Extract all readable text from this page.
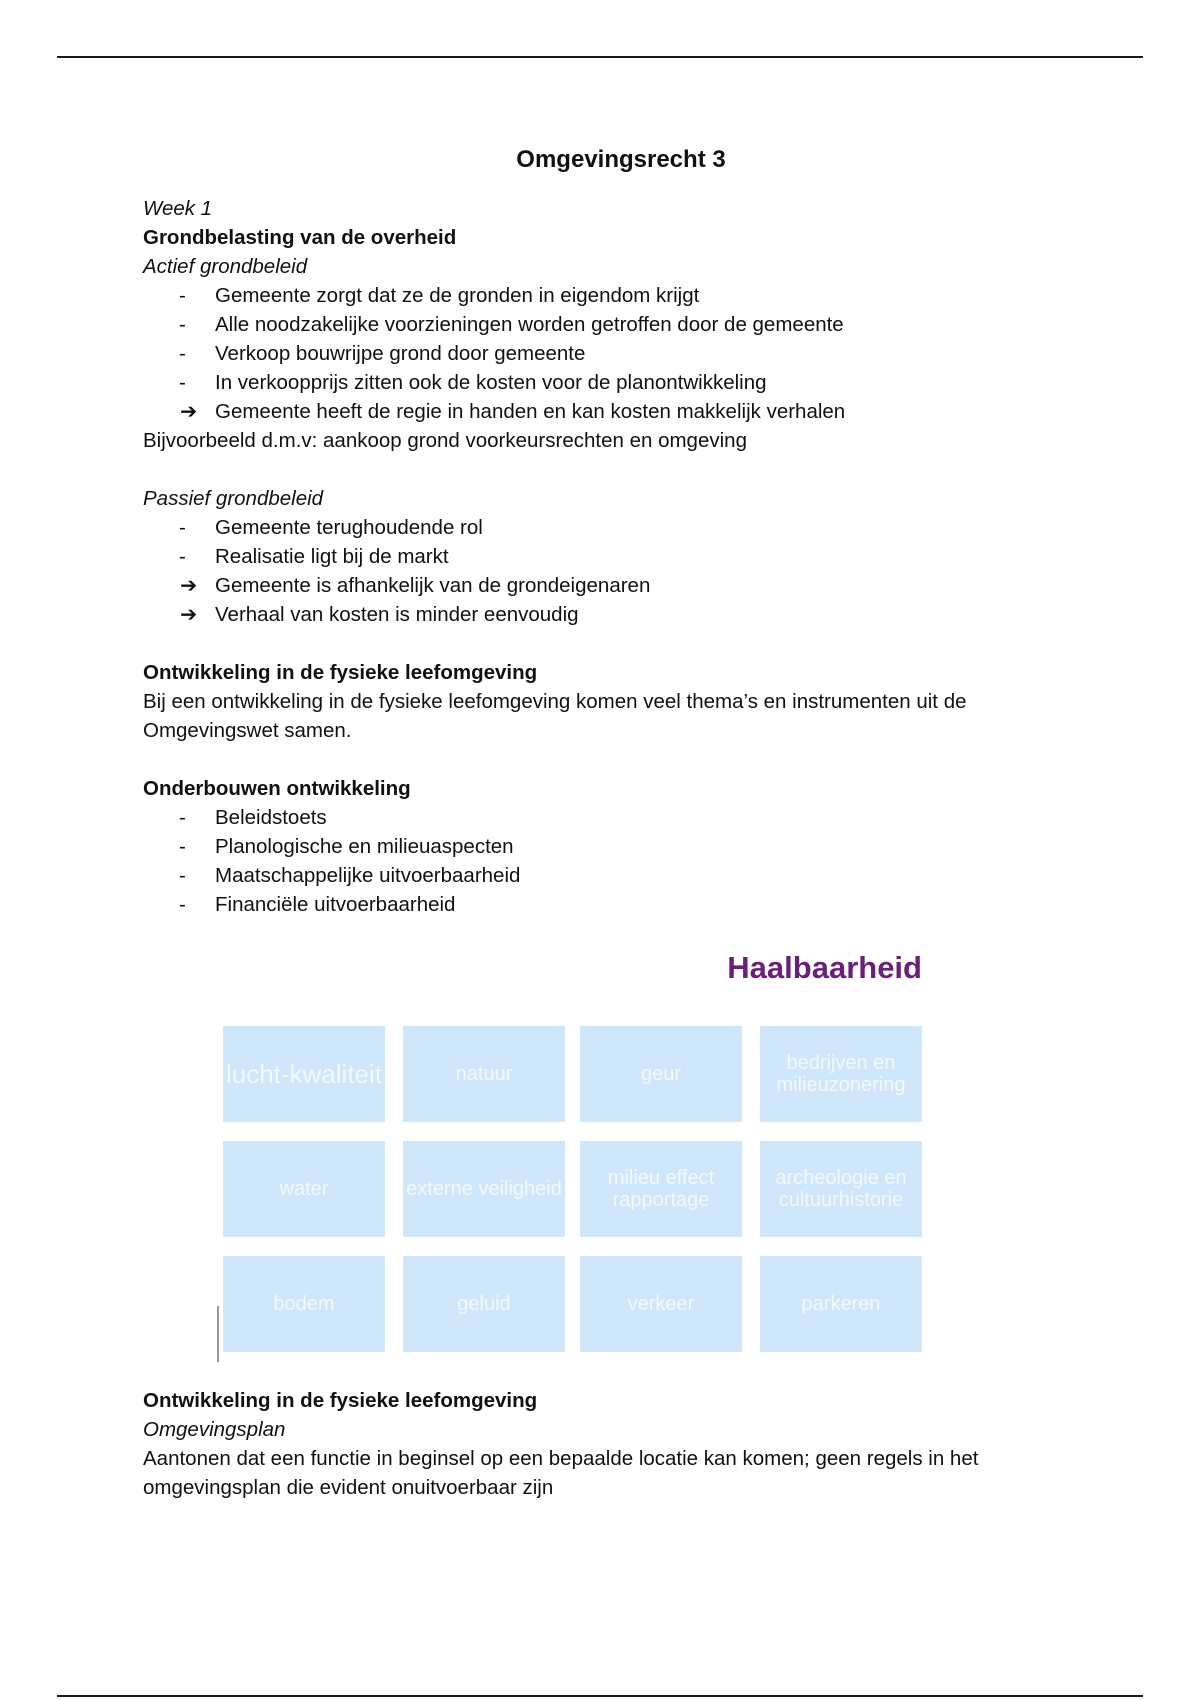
Omgevingsrecht 3

Week 1

Grondbelasting van de overheid

Actief grondbeleid

-	Gemeente zorgt dat ze de gronden in eigendom krijgt
-	Alle noodzakelijke voorzieningen worden getroffen door de gemeente
-	Verkoop bouwrijpe grond door gemeente
-	In verkoopprijs zitten ook de kosten voor de planontwikkeling
➔ Gemeente heeft de regie in handen en kan kosten makkelijk verhalen

Bijvoorbeeld d.m.v: aankoop grond voorkeursrechten en omgeving

Passief grondbeleid

-	Gemeente terughoudende rol
-	Realisatie ligt bij de markt
➔ Gemeente is afhankelijk van de grondeigenaren
➔ Verhaal van kosten is minder eenvoudig

Ontwikkeling in de fysieke leefomgeving

Bij een ontwikkeling in de fysieke leefomgeving komen veel thema’s en instrumenten uit de Omgevingswet samen.

Onderbouwen ontwikkeling

-	Beleidstoets
-	Planologische en milieuaspecten
-	Maatschappelijke uitvoerbaarheid
-	Financiële uitvoerbaarheid
Haalbaarheid
lucht-kwaliteit	natuur	geur	bedrijven en milieuzonering
water	externe veiligheid	milieu effect rapportage
archeologie en cultuurhistorie
bodem	geluid	verkeer	parkeren

Ontwikkeling in de fysieke leefomgeving

Omgevingsplan

Aantonen dat een functie in beginsel op een bepaalde locatie kan komen; geen regels in het omgevingsplan die evident onuitvoerbaar zijn
